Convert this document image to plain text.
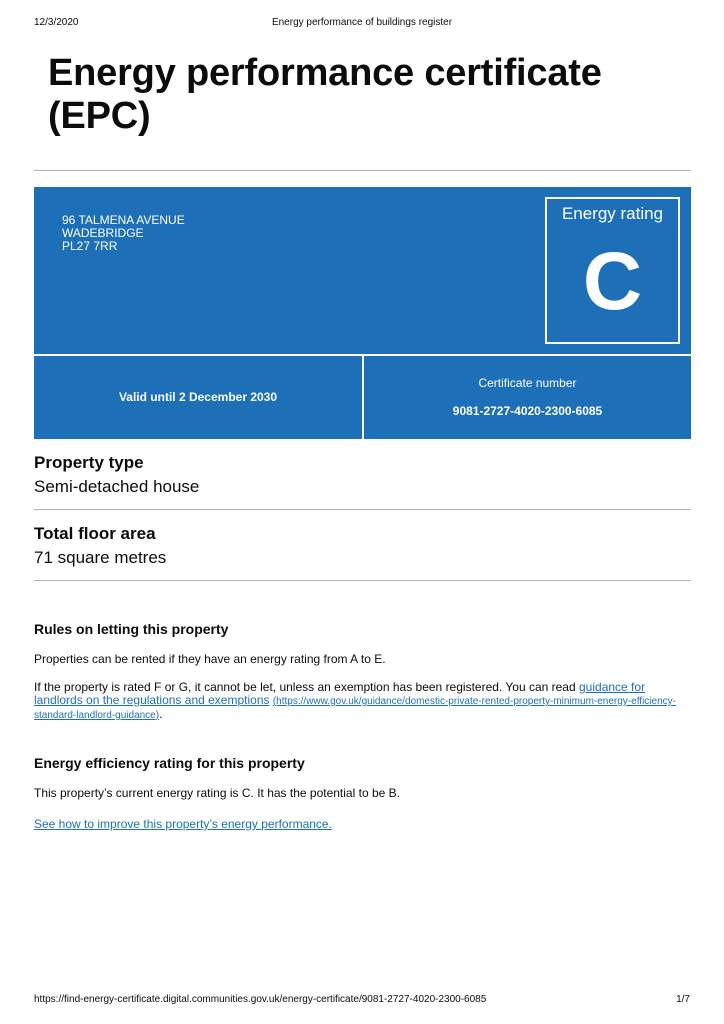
12/3/2020	Energy performance of buildings register
Energy performance certificate (EPC)
96 TALMENA AVENUE
WADEBRIDGE
PL27 7RR
Energy rating
C
Valid until 2 December 2030
Certificate number
9081-2727-4020-2300-6085
Property type
Semi-detached house
Total floor area
71 square metres
Rules on letting this property
Properties can be rented if they have an energy rating from A to E.
If the property is rated F or G, it cannot be let, unless an exemption has been registered. You can read guidance for landlords on the regulations and exemptions (https://www.gov.uk/guidance/domestic-private-rented-property-minimum-energy-efficiency-standard-landlord-guidance).
Energy efficiency rating for this property
This property’s current energy rating is C. It has the potential to be B.
See how to improve this property’s energy performance.
https://find-energy-certificate.digital.communities.gov.uk/energy-certificate/9081-2727-4020-2300-6085	1/7
